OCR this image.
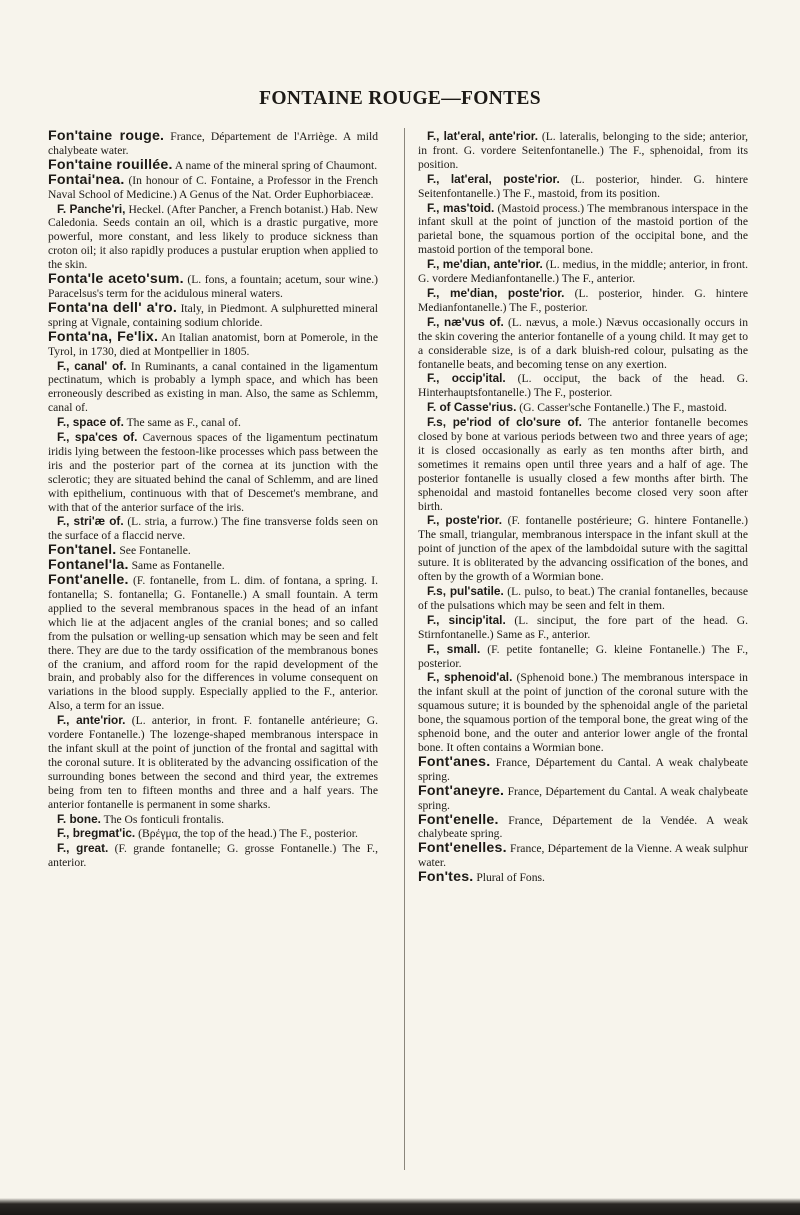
FONTAINE ROUGE—FONTES

Fon'taine rouge. France, Département de l'Arriège. A mild chalybeate water.

Fon'taine rouillée. A name of the mineral spring of Chaumont.

Fontai'nea. (In honour of C. Fontaine, a Professor in the French Naval School of Medicine.) A Genus of the Nat. Order Euphorbiaceæ.

F. Panche'ri, Heckel. (After Pancher, a French botanist.) Hab. New Caledonia. Seeds contain an oil, which is a drastic purgative, more powerful, more constant, and less likely to produce sickness than croton oil; it also rapidly produces a pustular eruption when applied to the skin.

Fonta'le aceto'sum. (L. fons, a fountain; acetum, sour wine.) Paracelsus's term for the acidulous mineral waters.

Fonta'na dell' a'ro. Italy, in Piedmont. A sulphuretted mineral spring at Vignale, containing sodium chloride.

Fonta'na, Fe'lix. An Italian anatomist, born at Pomerole, in the Tyrol, in 1730, died at Montpellier in 1805.

F., canal' of. In Ruminants, a canal contained in the ligamentum pectinatum, which is probably a lymph space, and which has been erroneously described as existing in man. Also, the same as Schlemm, canal of.

F., space of. The same as F., canal of.

F., spa'ces of. Cavernous spaces of the ligamentum pectinatum iridis lying between the festoon-like processes which pass between the iris and the posterior part of the cornea at its junction with the sclerotic; they are situated behind the canal of Schlemm, and are lined with epithelium, continuous with that of Descemet's membrane, and with that of the anterior surface of the iris.

F., stri'æ of. (L. stria, a furrow.) The fine transverse folds seen on the surface of a flaccid nerve.

Fon'tanel. See Fontanelle.

Fontanel'la. Same as Fontanelle.

Font'anelle. (F. fontanelle, from L. dim. of fontana, a spring. I. fontanella; S. fontanella; G. Fontanelle.) A small fountain. A term applied to the several membranous spaces in the head of an infant which lie at the adjacent angles of the cranial bones; and so called from the pulsation or welling-up sensation which may be seen and felt there. They are due to the tardy ossification of the membranous bones of the cranium, and afford room for the rapid development of the brain, and probably also for the differences in volume consequent on variations in the blood supply. Especially applied to the F., anterior. Also, a term for an issue.

F., ante'rior. (L. anterior, in front. F. fontanelle antérieure; G. vordere Fontanelle.) The lozenge-shaped membranous interspace in the infant skull at the point of junction of the frontal and sagittal with the coronal suture. It is obliterated by the advancing ossification of the surrounding bones between the second and third year, the extremes being from ten to fifteen months and three and a half years. The anterior fontanelle is permanent in some sharks.

F. bone. The Os fonticuli frontalis.

F., bregmat'ic. (Βρέγμα, the top of the head.) The F., posterior.

F., great. (F. grande fontanelle; G. grosse Fontanelle.) The F., anterior.

F., lat'eral, ante'rior. (L. lateralis, belonging to the side; anterior, in front. G. vordere Seitenfontanelle.) The F., sphenoidal, from its position.

F., lat'eral, poste'rior. (L. posterior, hinder. G. hintere Seitenfontanelle.) The F., mastoid, from its position.

F., mas'toid. (Mastoid process.) The membranous interspace in the infant skull at the point of junction of the mastoid portion of the parietal bone, the squamous portion of the occipital bone, and the mastoid portion of the temporal bone.

F., me'dian, ante'rior. (L. medius, in the middle; anterior, in front. G. vordere Medianfontanelle.) The F., anterior.

F., me'dian, poste'rior. (L. posterior, hinder. G. hintere Medianfontanelle.) The F., posterior.

F., næ'vus of. (L. nævus, a mole.) Nævus occasionally occurs in the skin covering the anterior fontanelle of a young child. It may get to a considerable size, is of a dark bluish-red colour, pulsating as the fontanelle beats, and becoming tense on any exertion.

F., occip'ital. (L. occiput, the back of the head. G. Hinterhauptsfontanelle.) The F., posterior.

F. of Casse'rius. (G. Casser'sche Fontanelle.) The F., mastoid.

F.s, pe'riod of clo'sure of. The anterior fontanelle becomes closed by bone at various periods between two and three years of age; it is closed occasionally as early as ten months after birth, and sometimes it remains open until three years and a half of age. The posterior fontanelle is usually closed a few months after birth. The sphenoidal and mastoid fontanelles become closed very soon after birth.

F., poste'rior. (F. fontanelle postérieure; G. hintere Fontanelle.) The small, triangular, membranous interspace in the infant skull at the point of junction of the apex of the lambdoidal suture with the sagittal suture. It is obliterated by the advancing ossification of the bones, and often by the growth of a Wormian bone.

F.s, pul'satile. (L. pulso, to beat.) The cranial fontanelles, because of the pulsations which may be seen and felt in them.

F., sincip'ital. (L. sinciput, the fore part of the head. G. Stirnfontanelle.) Same as F., anterior.

F., small. (F. petite fontanelle; G. kleine Fontanelle.) The F., posterior.

F., sphenoid'al. (Sphenoid bone.) The membranous interspace in the infant skull at the point of junction of the coronal suture with the squamous suture; it is bounded by the sphenoidal angle of the parietal bone, the squamous portion of the temporal bone, the great wing of the sphenoid bone, and the outer and anterior lower angle of the frontal bone. It often contains a Wormian bone.

Font'anes. France, Département du Cantal. A weak chalybeate spring.

Font'aneyre. France, Département du Cantal. A weak chalybeate spring.

Font'enelle. France, Département de la Vendée. A weak chalybeate spring.

Font'enelles. France, Département de la Vienne. A weak sulphur water.

Fon'tes. Plural of Fons.
